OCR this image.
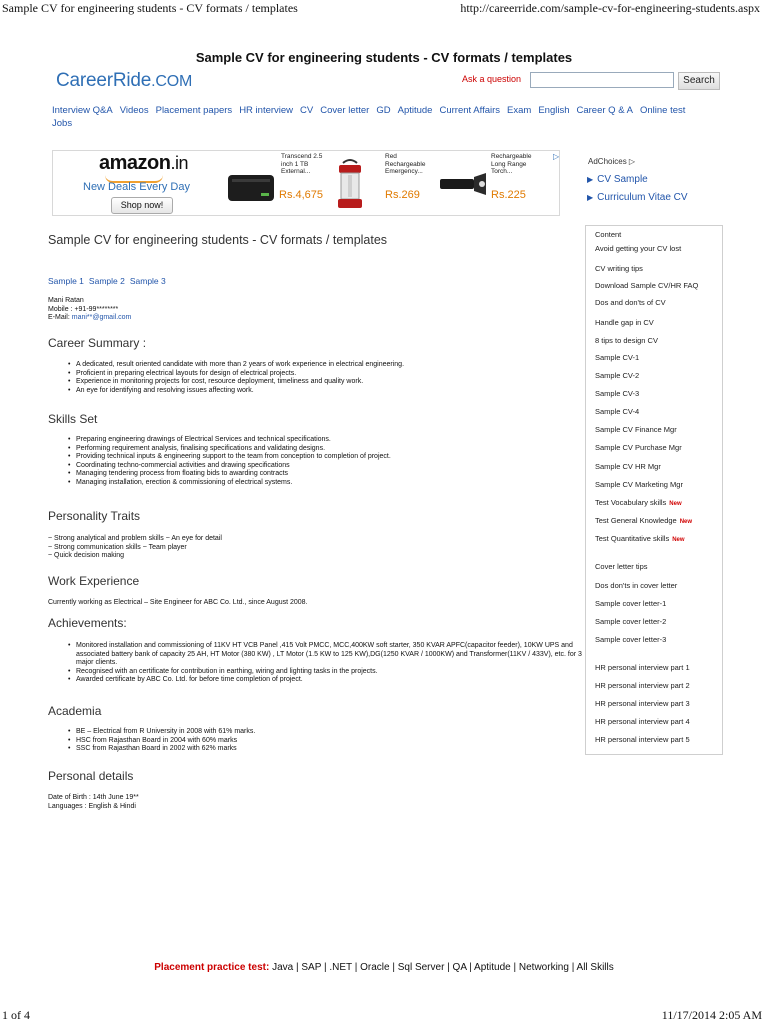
Sample CV for engineering students - CV formats / templates	http://careerride.com/sample-cv-for-engineering-students.aspx
Sample CV for engineering students - CV formats / templates
CareerRide.COM	Ask a question	Search
Interview Q&A Videos Placement papers HR interview CV Cover letter GD Aptitude Current Affairs Exam English Career Q & A Online test
Jobs
amazon.in
New Deals Every Day
Shop now!
Transcend 2.5 inch 1 TB External...
Rs.4,675
Red Rechargeable Emergency...
Rs.269
Rechargeable Long Range Torch...
Rs.225
▷
AdChoices ▷
▶ CV Sample
▶ Curriculum Vitae CV
Content
Avoid getting your CV lost
CV writing tips
Download Sample CV/HR FAQ
Dos and don'ts of CV
Handle gap in CV
8 tips to design CV
Sample CV-1
Sample CV-2
Sample CV-3
Sample CV-4
Sample CV Finance Mgr
Sample CV Purchase Mgr
Sample CV HR Mgr
Sample CV Marketing Mgr
Test Vocabulary skills New
Test General Knowledge New
Test Quantitative skills New
Cover letter tips
Dos don'ts in cover letter
Sample cover letter-1
Sample cover letter-2
Sample cover letter-3
HR personal interview part 1
HR personal interview part 2
HR personal interview part 3
HR personal interview part 4
HR personal interview part 5
Sample CV for engineering students - CV formats / templates
Sample 1 Sample 2 Sample 3
Mani Ratan
Mobile : +91-99********
E-Mail: mani**@gmail.com
Career Summary :
• A dedicated, result oriented candidate with more than 2 years of work experience in electrical engineering.
• Proficient in preparing electrical layouts for design of electrical projects.
• Experience in monitoring projects for cost, resource deployment, timeliness and quality work.
• An eye for identifying and resolving issues affecting work.
Skills Set
• Preparing engineering drawings of Electrical Services and technical specifications.
• Performing requirement analysis, finalising specifications and validating designs.
• Providing technical inputs & engineering support to the team from conception to completion of project.
• Coordinating techno-commercial activities and drawing specifications
• Managing tendering process from floating bids to awarding contracts
• Managing installation, erection & commissioning of electrical systems.
Personality Traits
~ Strong analytical and problem skills ~ An eye for detail
~ Strong communication skills ~ Team player
~ Quick decision making
Work Experience
Currently working as Electrical – Site Engineer for ABC Co. Ltd., since August 2008.
Achievements:
• Monitored installation and commissioning of 11KV HT VCB Panel ,415 Volt PMCC, MCC,400KW soft starter, 350 KVAR APFC(capacitor feeder), 10KW UPS and associated battery bank of capacity 25 AH, HT Motor (380 KW) , LT Motor (1.5 KW to 125 KW),DG(1250 KVAR / 1000KW) and Transformer(11KV / 433V), etc. for 3 major clients.
• Recognised with an certificate for contribution in earthing, wiring and lighting tasks in the projects.
• Awarded certificate by ABC Co. Ltd. for before time completion of project.
Academia
• BE – Electrical from R University in 2008 with 61% marks.
• HSC from Rajasthan Board in 2004 with 60% marks
• SSC from Rajasthan Board in 2002 with 62% marks
Personal details
Date of Birth : 14th June 19**
Languages : English & Hindi
Placement practice test: Java | SAP | .NET | Oracle | Sql Server | QA | Aptitude | Networking | All Skills
1 of 4	11/17/2014 2:05 AM
